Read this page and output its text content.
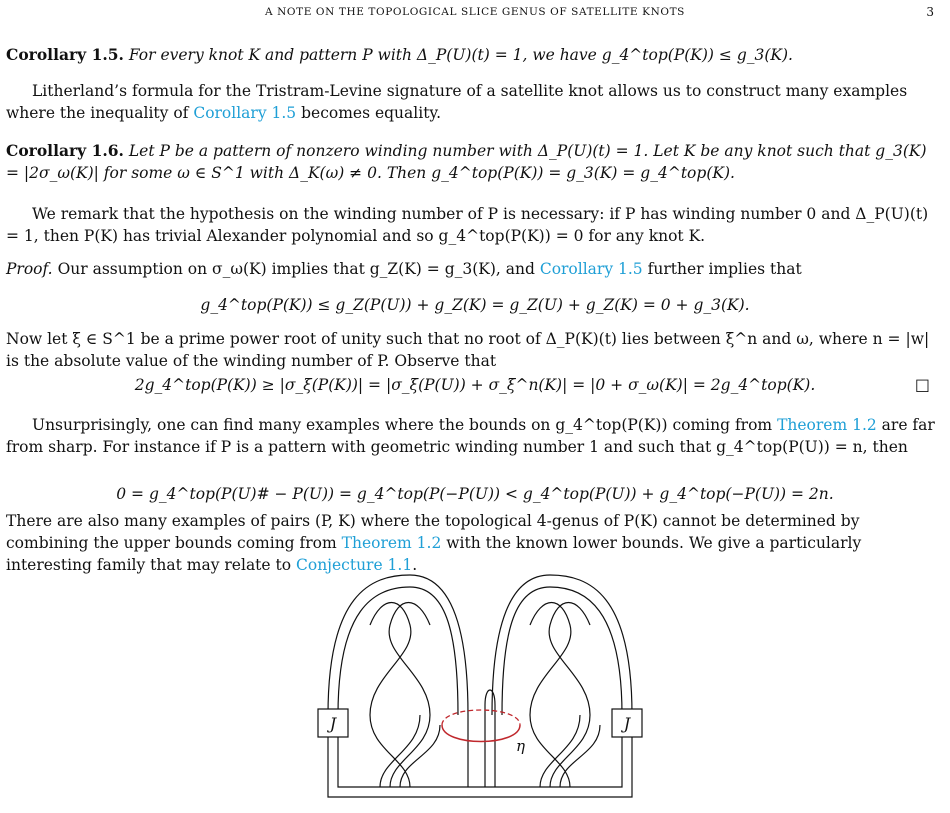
A NOTE ON THE TOPOLOGICAL SLICE GENUS OF SATELLITE KNOTS	3

Corollary 1.5. For every knot K and pattern P with Δ_P(U)(t) = 1, we have g_4^top(P(K)) ≤ g_3(K).

Litherland’s formula for the Tristram-Levine signature of a satellite knot allows us to construct many examples where the inequality of Corollary 1.5 becomes equality.

Corollary 1.6. Let P be a pattern of nonzero winding number with Δ_P(U)(t) = 1. Let K be any knot such that g_3(K) = |2σ_ω(K)| for some ω ∈ S^1 with Δ_K(ω) ≠ 0. Then g_4^top(P(K)) = g_3(K) = g_4^top(K).

We remark that the hypothesis on the winding number of P is necessary: if P has winding number 0 and Δ_P(U)(t) = 1, then P(K) has trivial Alexander polynomial and so g_4^top(P(K)) = 0 for any knot K.

Proof. Our assumption on σ_ω(K) implies that g_Z(K) = g_3(K), and Corollary 1.5 further implies that

g_4^top(P(K)) ≤ g_Z(P(U)) + g_Z(K) = g_Z(U) + g_Z(K) = 0 + g_3(K).

Now let ξ ∈ S^1 be a prime power root of unity such that no root of Δ_P(K)(t) lies between ξ^n and ω, where n = |w| is the absolute value of the winding number of P. Observe that

2g_4^top(P(K)) ≥ |σ_ξ(P(K))| = |σ_ξ(P(U)) + σ_ξ^n(K)| = |0 + σ_ω(K)| = 2g_4^top(K).	□

Unsurprisingly, one can find many examples where the bounds on g_4^top(P(K)) coming from Theorem 1.2 are far from sharp. For instance if P is a pattern with geometric winding number 1 and such that g_4^top(P(U)) = n, then

0 = g_4^top(P(U)# − P(U)) = g_4^top(P(−P(U)) < g_4^top(P(U)) + g_4^top(−P(U)) = 2n.

There are also many examples of pairs (P, K) where the topological 4-genus of P(K) cannot be determined by combining the upper bounds coming from Theorem 1.2 with the known lower bounds. We give a particularly interesting family that may relate to Conjecture 1.1.

J	J
η
